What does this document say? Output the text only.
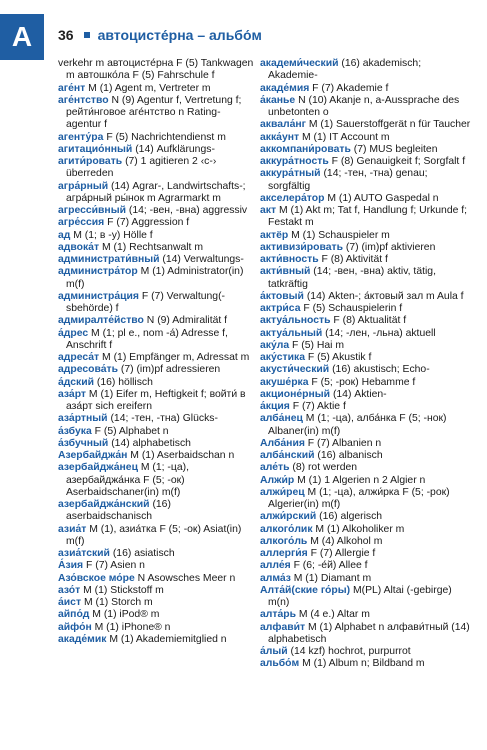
A	36 автоцисте́рна – альбо́м

verkehr m автоцисте́рна F (5) Tankwagen m автошко́ла F (5) Fahrschule f

аге́нт M (1) Agent m, Vertreter m

аге́нтство N (9) Agentur f, Vertretung f; рейти́нговое аге́нтство n Rating-agentur f

агенту́ра F (5) Nachrichtendienst m

агитацио́нный (14) Aufklärungs-

агити́ровать (7) 1 agitieren 2 ‹c-› überreden

агра́рный (14) Agrar-, Landwirtschafts-; агра́рный ры́нок m Agrarmarkt m

агресси́вный (14; -вен, -вна) aggressiv

агре́ссия F (7) Aggression f

ад M (1; в -у) Hölle f

адвока́т M (1) Rechtsanwalt m

администрати́вный (14) Verwaltungs-

администра́тор M (1) Administrator(in) m(f)

администра́ция F (7) Verwaltung(-sbehörde) f

адмиралте́йство N (9) Admiralität f

а́дрес M (1; pl е., nom -а́) Adresse f, Anschrift f

адреса́т M (1) Empfänger m, Adressat m

адресова́ть (7) (im)pf adressieren

а́дский (16) höllisch

аза́рт M (1) Eifer m, Heftigkeit f; войти́ в аза́рт sich ereifern

аза́ртный (14; -тен, -тна) Glücks-

а́збука F (5) Alphabet n

а́збучный (14) alphabetisch

Азербайджа́н M (1) Aserbaidschan n

азербайджа́нец M (1; -ца), азербайджа́нка F (5; -ок) Aserbaidschaner(in) m(f)

азербайджа́нский (16) aserbaidschanisch

азиа́т M (1), азиа́тка F (5; -ок) Asiat(in) m(f)

азиа́тский (16) asiatisch

А́зия F (7) Asien n

Азо́вское мо́ре N Asowsches Meer n

азо́т M (1) Stickstoff m

а́ист M (1) Storch m

айпо́д M (1) iPod® m

айфо́н M (1) iPhone® n

акаде́мик M (1) Akademiemitglied n

академи́ческий (16) akademisch; Akademie-

акаде́мия F (7) Akademie f

а́канье N (10) Akanje n, a-Aussprache des unbetonten o

аквала́нг M (1) Sauerstoffgerät n für Taucher

акка́унт M (1) IT Account m

аккомпани́ровать (7) MUS begleiten

аккура́тность F (8) Genauigkeit f; Sorgfalt f

аккура́тный (14; -тен, -тна) genau; sorgfältig

акселера́тор M (1) AUTO Gaspedal n

акт M (1) Akt m; Tat f, Handlung f; Urkunde f; Festakt m

актёр M (1) Schauspieler m

активизи́ровать (7) (im)pf aktivieren

акти́вность F (8) Aktivität f

акти́вный (14; -вен, -вна) aktiv, tätig, tatkräftig

а́ктовый (14) Akten-; а́ктовый зал m Aula f

актри́са F (5) Schauspielerin f

актуа́льность F (8) Aktualität f

актуа́льный (14; -лен, -льна) aktuell

аку́ла F (5) Hai m

аку́стика F (5) Akustik f

акусти́ческий (16) akustisch; Echo-

акуше́рка F (5; -рок) Hebamme f

акционе́рный (14) Aktien-

а́кция F (7) Aktie f

алба́нец M (1; -ца), алба́нка F (5; -нок) Albaner(in) m(f)

Алба́ния F (7) Albanien n

алба́нский (16) albanisch

але́ть (8) rot werden

Алжи́р M (1) 1 Algerien n 2 Algier n

алжи́рец M (1; -ца), алжи́рка F (5; -рок) Algerier(in) m(f)

алжи́рский (16) algerisch

алкого́лик M (1) Alkoholiker m

алкого́ль M (4) Alkohol m

аллерги́я F (7) Allergie f

алле́я F (6; -е́й) Allee f

алма́з M (1) Diamant m

Алта́й(ские го́ры) M(PL) Altai (-gebirge) m(n)

алта́рь M (4 e.) Altar m

алфави́т M (1) Alphabet n алфави́тный (14) alphabetisch

а́лый (14 kzf) hochrot, purpurrot

альбо́м M (1) Album n; Bildband m
